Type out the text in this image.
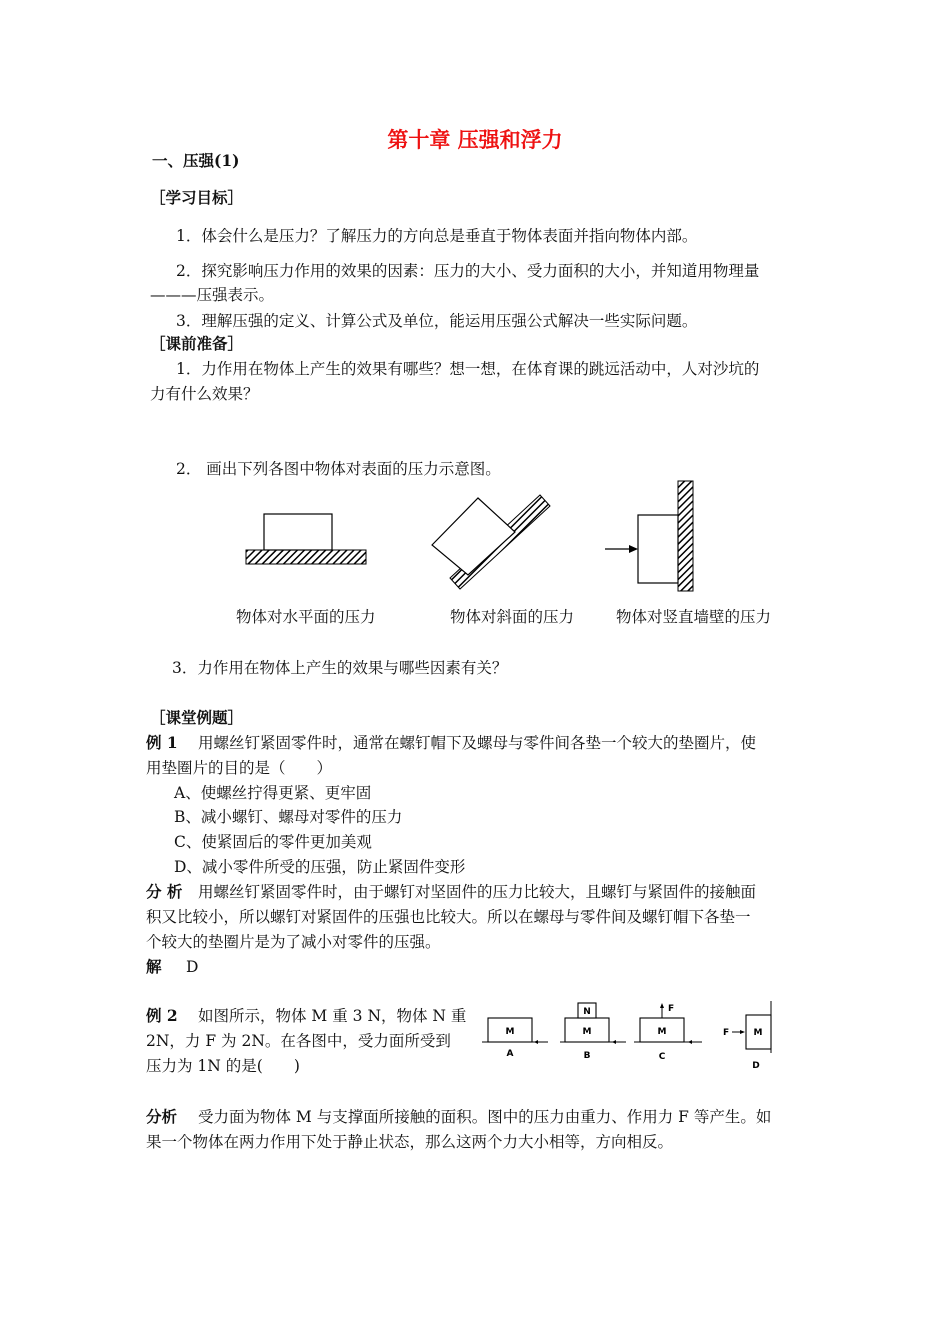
第十章 压强和浮力
一、压强(1)
［学习目标］
1．体会什么是压力？了解压力的方向总是垂直于物体表面并指向物体内部。
2．探究影响压力作用的效果的因素：压力的大小、受力面积的大小，并知道用物理量
———压强表示。
3．理解压强的定义、计算公式及单位，能运用压强公式解决一些实际问题。
［课前准备］
1．力作用在物体上产生的效果有哪些？想一想，在体育课的跳远活动中，人对沙坑的
力有什么效果？
2． 画出下列各图中物体对表面的压力示意图。
物体对水平面的压力	物体对斜面的压力	物体对竖直墙壁的压力
3．力作用在物体上产生的效果与哪些因素有关？
［课堂例题］
例 1 用螺丝钉紧固零件时，通常在螺钉帽下及螺母与零件间各垫一个较大的垫圈片，使
用垫圈片的目的是（　　）
A、使螺丝拧得更紧、更牢固
B、减小螺钉、螺母对零件的压力
C、使紧固后的零件更加美观
D、减小零件所受的压强，防止紧固件变形
分 析 用螺丝钉紧固零件时，由于螺钉对坚固件的压力比较大，且螺钉与紧固件的接触面
积又比较小，所以螺钉对紧固件的压强也比较大。所以在螺母与零件间及螺钉帽下各垫一
个较大的垫圈片是为了减小对零件的压强。
解 D
例 2 如图所示，物体 M 重 3 N，物体 N 重
2N，力 F 为 2N。在各图中，受力面所受到
压力为 1N 的是(　　)
M
A
M
N
B
M
F
C
M
F
D
分析 受力面为物体 M 与支撑面所接触的面积。图中的压力由重力、作用力 F 等产生。如
果一个物体在两力作用下处于静止状态，那么这两个力大小相等，方向相反。
